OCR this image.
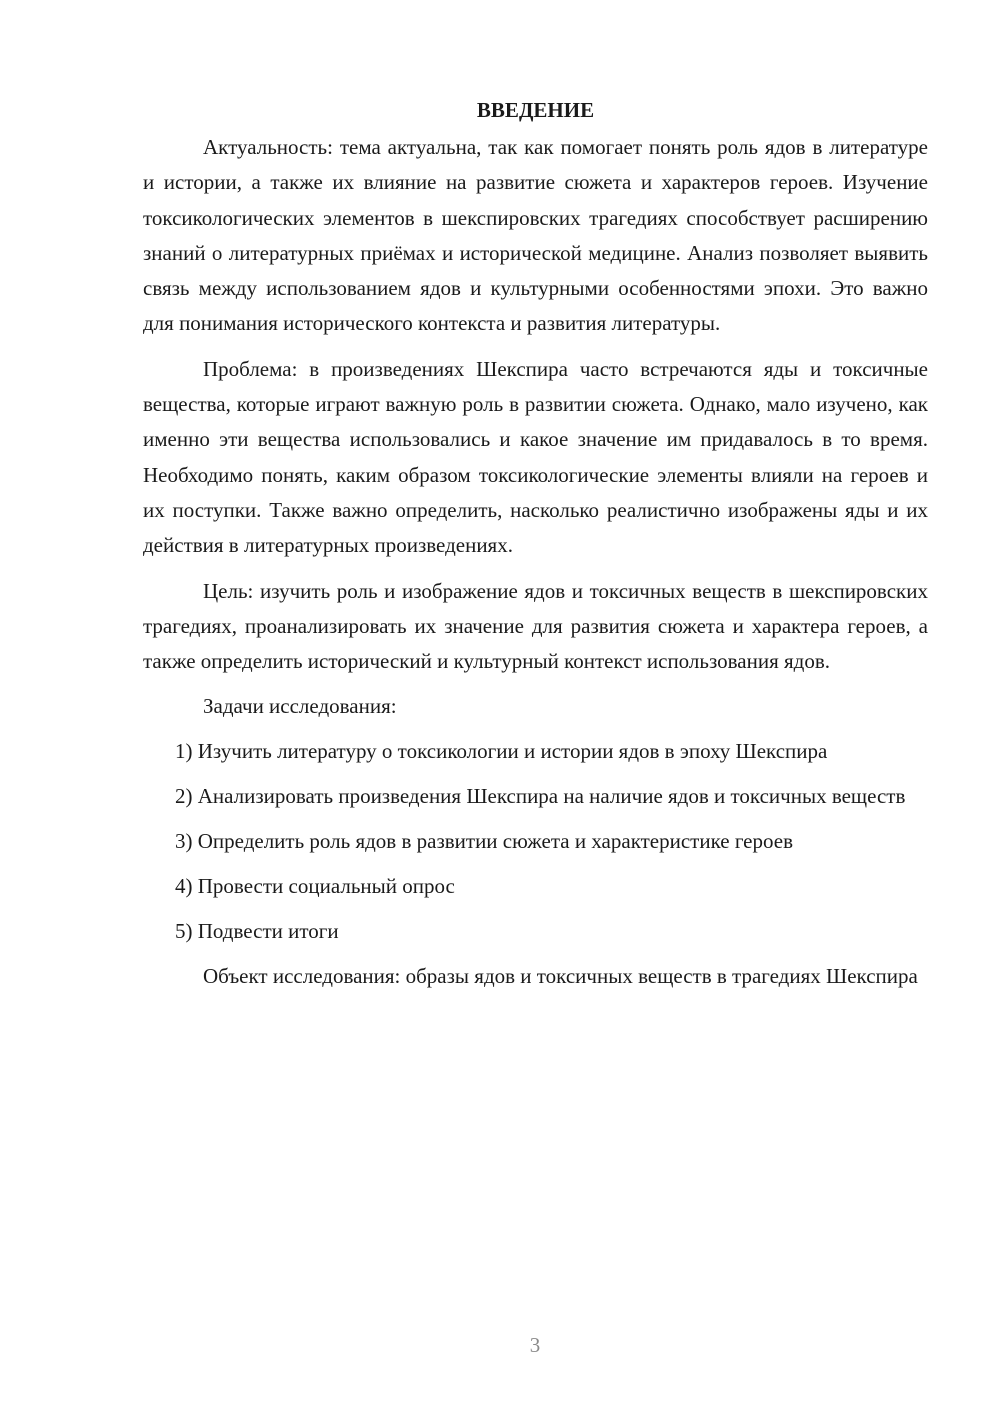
ВВЕДЕНИЕ

Актуальность: тема актуальна, так как помогает понять роль ядов в литературе и истории, а также их влияние на развитие сюжета и характеров героев. Изучение токсикологических элементов в шекспировских трагедиях способствует расширению знаний о литературных приёмах и исторической медицине. Анализ позволяет выявить связь между использованием ядов и культурными особенностями эпохи. Это важно для понимания исторического контекста и развития литературы.

Проблема: в произведениях Шекспира часто встречаются яды и токсичные вещества, которые играют важную роль в развитии сюжета. Однако, мало изучено, как именно эти вещества использовались и какое значение им придавалось в то время. Необходимо понять, каким образом токсикологические элементы влияли на героев и их поступки. Также важно определить, насколько реалистично изображены яды и их действия в литературных произведениях.

Цель: изучить роль и изображение ядов и токсичных веществ в шекспировских трагедиях, проанализировать их значение для развития сюжета и характера героев, а также определить исторический и культурный контекст использования ядов.

Задачи исследования:

1) Изучить литературу о токсикологии и истории ядов в эпоху Шекспира

2) Анализировать произведения Шекспира на наличие ядов и токсичных веществ

3) Определить роль ядов в развитии сюжета и характеристике героев

4) Провести социальный опрос

5) Подвести итоги

Объект исследования: образы ядов и токсичных веществ в трагедиях Шекспира

3
